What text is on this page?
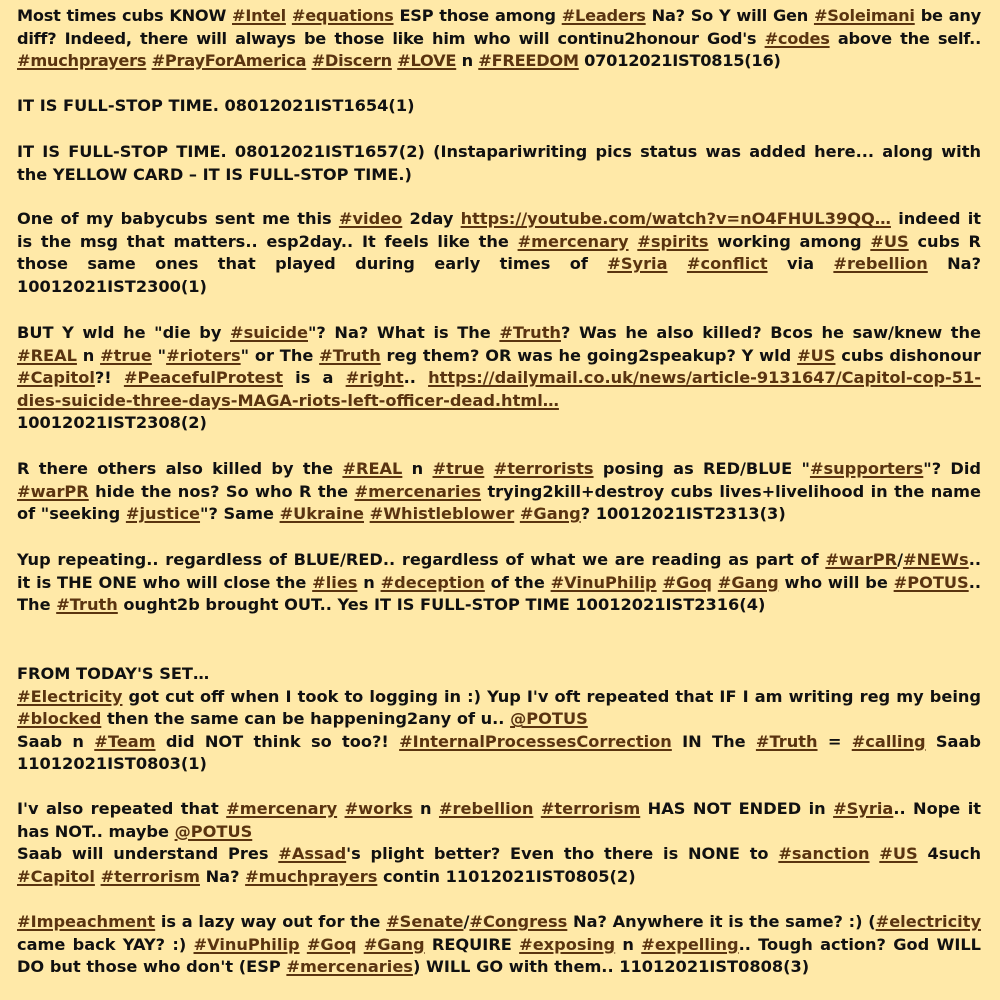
Most times cubs KNOW #Intel #equations ESP those among #Leaders Na? So Y will Gen #Soleimani be any diff? Indeed, there will always be those like him who will continu2honour God's #codes above the self.. #muchprayers #PrayForAmerica #Discern #LOVE n #FREEDOM 07012021IST0815(16)

IT IS FULL-STOP TIME. 08012021IST1654(1)

IT IS FULL-STOP TIME. 08012021IST1657(2) (Instapariwriting pics status was added here... along with the YELLOW CARD – IT IS FULL-STOP TIME.)

One of my babycubs sent me this #video 2day https://youtube.com/watch?v=nO4FHUL39QQ… indeed it is the msg that matters.. esp2day.. It feels like the #mercenary #spirits working among #US cubs R those same ones that played during early times of #Syria #conflict via #rebellion Na?10012021IST2300(1)

BUT Y wld he "die by #suicide"? Na? What is The #Truth? Was he also killed? Bcos he saw/knew the #REAL n #true "#rioters" or The #Truth reg them? OR was he going2speakup? Y wld #US cubs dishonour #Capitol?! #PeacefulProtest is a #right.. https://dailymail.co.uk/news/article-9131647/Capitol-cop-51-dies-suicide-three-days-MAGA-riots-left-officer-dead.html…
10012021IST2308(2)

R there others also killed by the #REAL n #true #terrorists posing as RED/BLUE "#supporters"? Did #warPR hide the nos? So who R the #mercenaries trying2kill+destroy cubs lives+livelihood in the name of "seeking #justice"? Same #Ukraine #Whistleblower #Gang? 10012021IST2313(3)

Yup repeating.. regardless of BLUE/RED.. regardless of what we are reading as part of #warPR/#NEWs.. it is THE ONE who will close the #lies n #deception of the #VinuPhilip #Goq #Gang who will be #POTUS.. The #Truth ought2b brought OUT.. Yes IT IS FULL-STOP TIME 10012021IST2316(4)

FROM TODAY'S SET…
#Electricity got cut off when I took to logging in :) Yup I'v oft repeated that IF I am writing reg my being #blocked then the same can be happening2any of u.. @POTUS
Saab n #Team did NOT think so too?! #InternalProcessesCorrection IN The #Truth = #calling Saab 11012021IST0803(1)

I'v also repeated that #mercenary #works n #rebellion #terrorism HAS NOT ENDED in #Syria.. Nope it has NOT.. maybe @POTUS
Saab will understand Pres #Assad's plight better? Even tho there is NONE to #sanction #US 4such #Capitol #terrorism Na? #muchprayers contin 11012021IST0805(2)

#Impeachment is a lazy way out for the #Senate/#Congress Na? Anywhere it is the same? :) (#electricity came back YAY? :) #VinuPhilip #Goq #Gang REQUIRE #exposing n #expelling.. Tough action? God WILL DO but those who don't (ESP #mercenaries) WILL GO with them.. 11012021IST0808(3)
